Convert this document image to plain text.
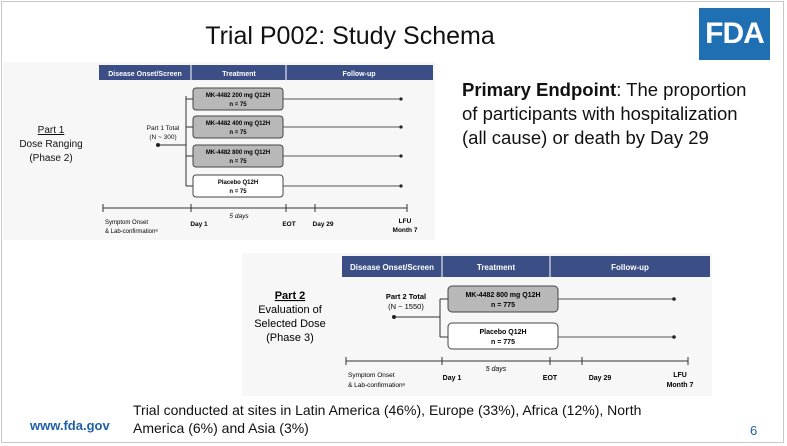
Trial P002: Study Schema	FDA
Primary Endpoint: The proportion of participants with hospitalization (all cause) or death by Day 29
Disease Onset/Screen	Treatment	Follow-up
Part 1
Dose Ranging
(Phase 2)
Part 1 Total
(N ~ 300)
MK-4482 200 mg Q12H
n = 75
MK-4482 400 mg Q12H
n = 75
MK-4482 800 mg Q12H
n = 75
Placebo Q12H
n = 75
5 days
Symptom Onset
& Lab-confirmationᵃ
Day 1	EOT	Day 29	LFU
Month 7
Disease Onset/Screen	Treatment	Follow-up
Part 2
Evaluation of
Selected Dose
(Phase 3)
Part 2 Total
(N ~ 1550)
MK-4482 800 mg Q12H
n = 775
Placebo Q12H
n = 775
5 days
Symptom Onset
& Lab-confirmationᵃ
Day 1	EOT	Day 29	LFU
Month 7
Trial conducted at sites in Latin America (46%), Europe (33%), Africa (12%), North America (6%) and Asia (3%)
www.fda.gov	6
